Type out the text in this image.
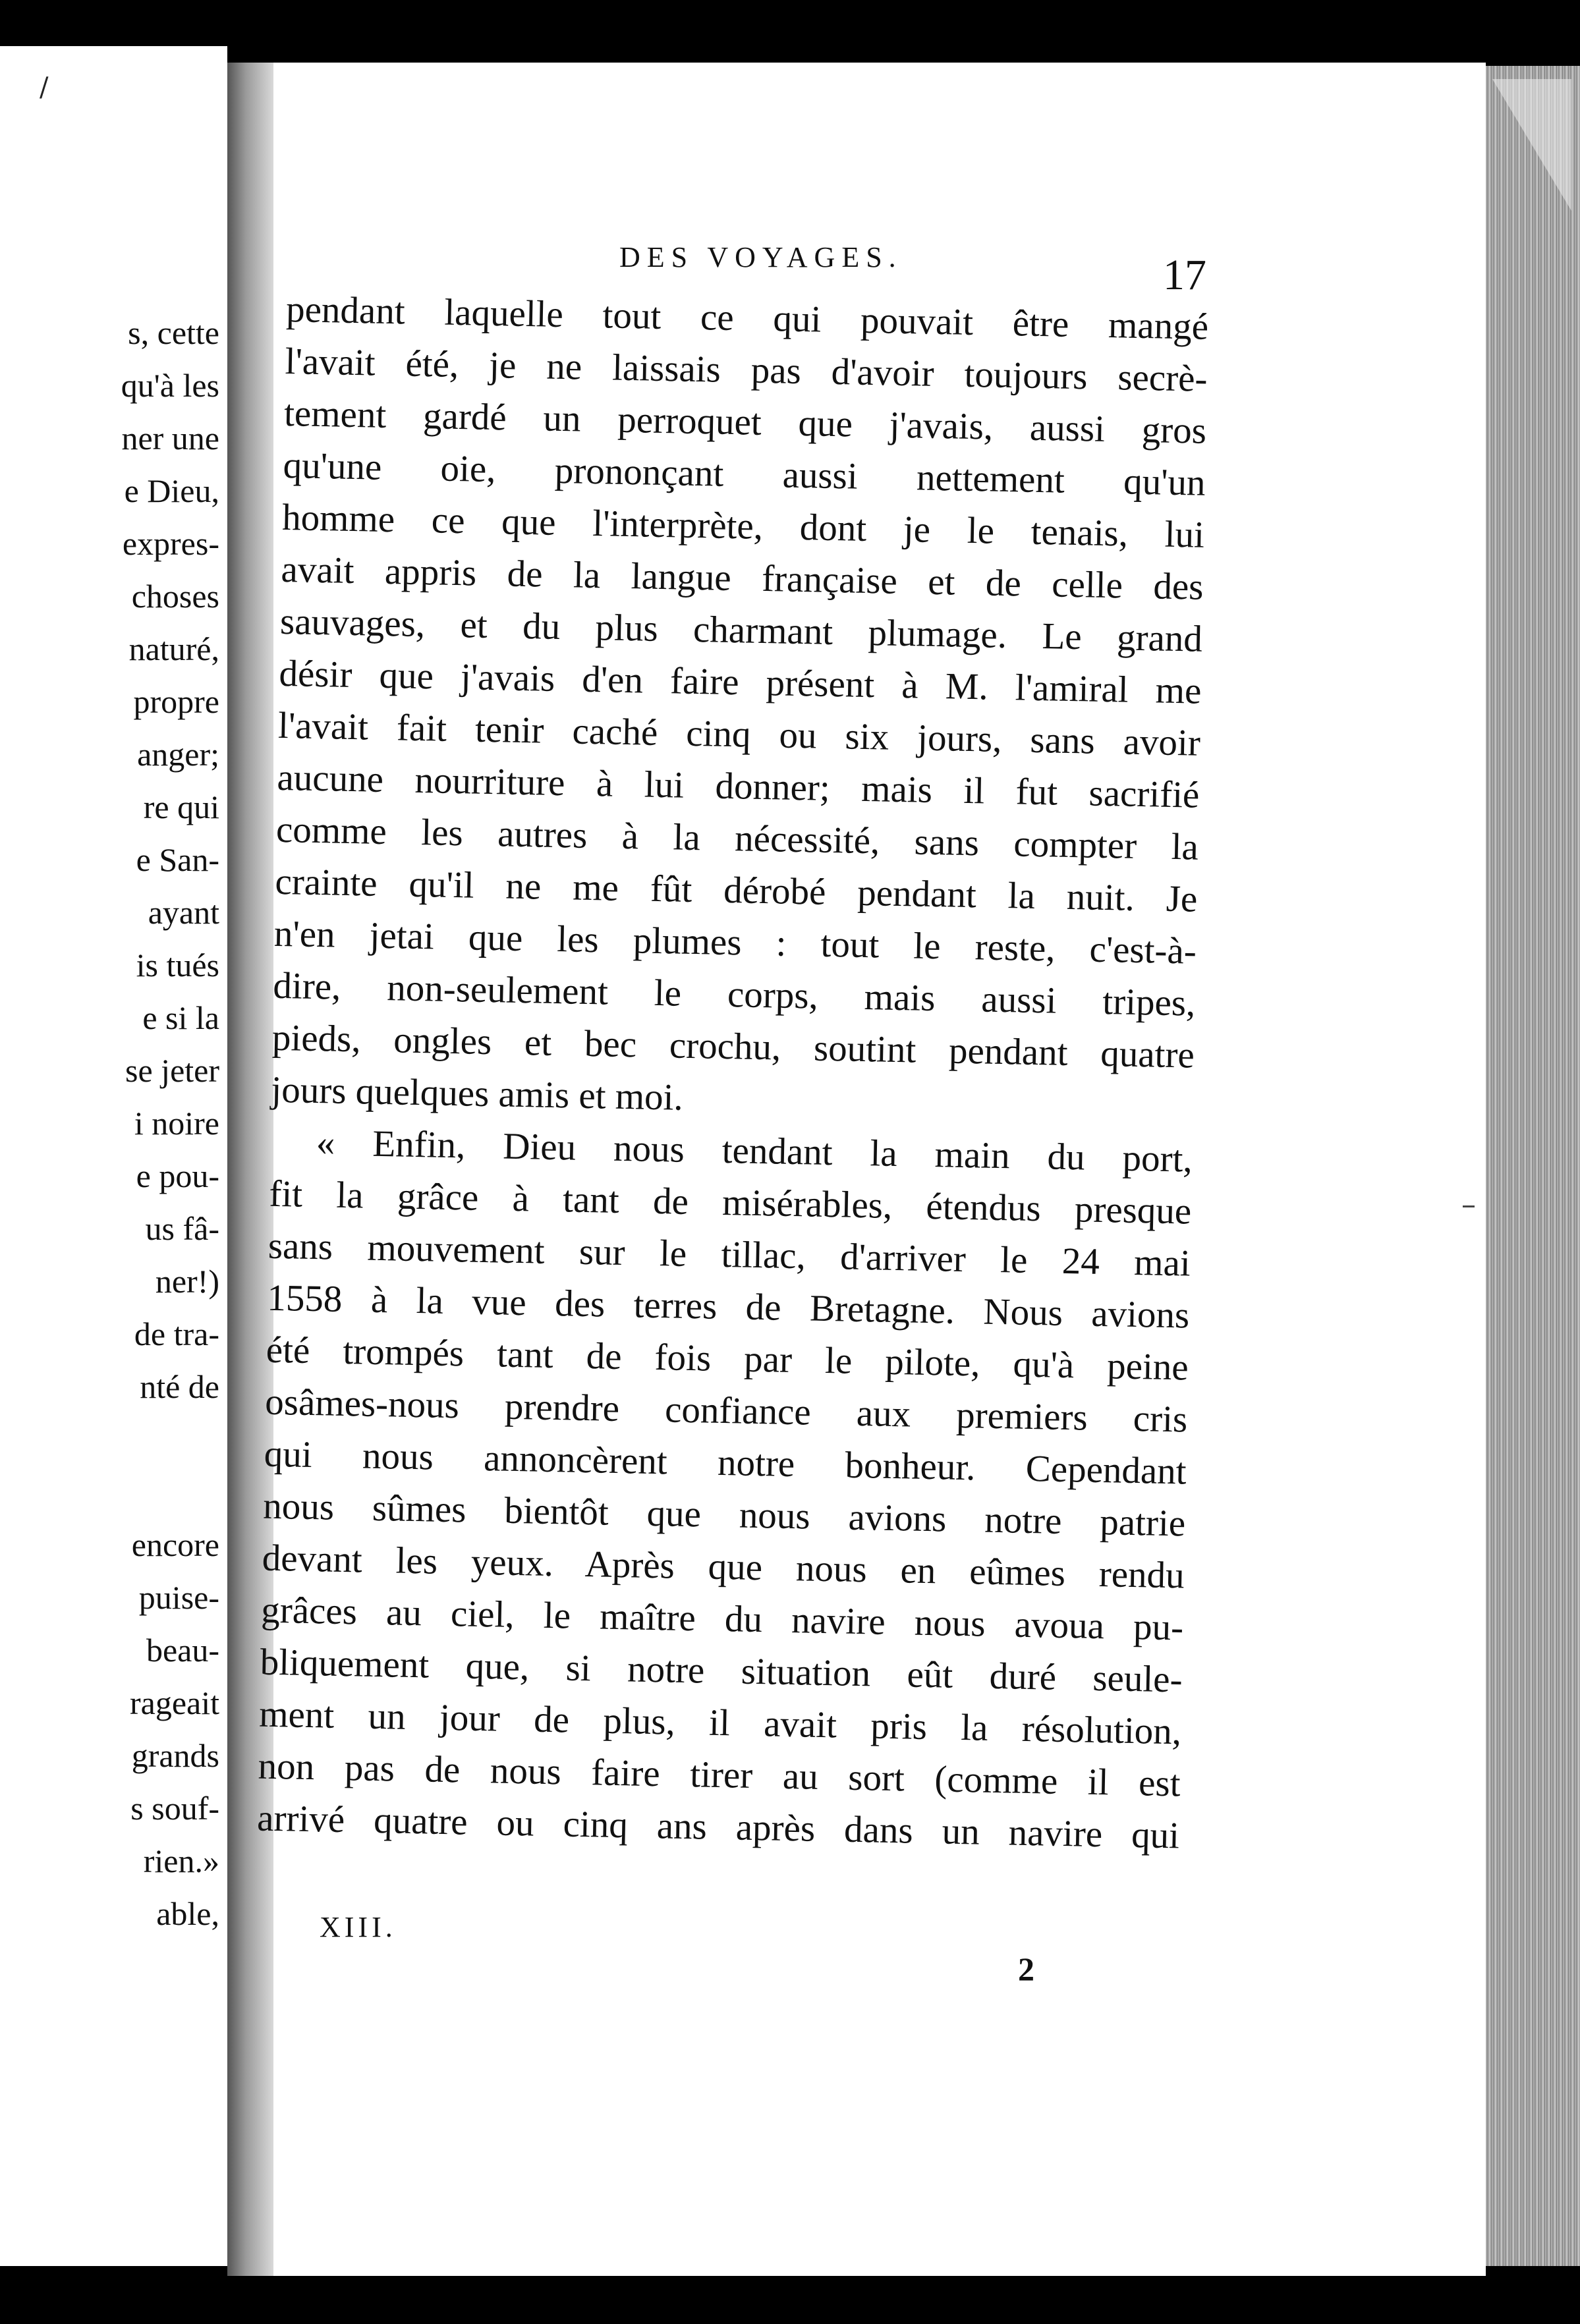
/
s, cette
qu'à les
ner une
e Dieu,
expres-
choses
naturé,
propre
anger;
re qui
e San-
ayant
is tués
e si la
se jeter
i noire
e pou-
us fâ-
ner!)
de tra-
nté de
encore
puise-
beau-
rageait
grands
s souf-
rien.»
able,
DES VOYAGES.	17
pendant laquelle tout ce qui pouvait être mangé
l'avait été, je ne laissais pas d'avoir toujours secrè-
tement gardé un perroquet que j'avais, aussi gros
qu'une oie, prononçant aussi nettement qu'un
homme ce que l'interprète, dont je le tenais, lui
avait appris de la langue française et de celle des
sauvages, et du plus charmant plumage. Le grand
désir que j'avais d'en faire présent à M. l'amiral me
l'avait fait tenir caché cinq ou six jours, sans avoir
aucune nourriture à lui donner; mais il fut sacrifié
comme les autres à la nécessité, sans compter la
crainte qu'il ne me fût dérobé pendant la nuit. Je
n'en jetai que les plumes : tout le reste, c'est-à-
dire, non-seulement le corps, mais aussi tripes,
pieds, ongles et bec crochu, soutint pendant quatre
jours quelques amis et moi.
« Enfin, Dieu nous tendant la main du port,
fit la grâce à tant de misérables, étendus presque
sans mouvement sur le tillac, d'arriver le 24 mai
1558 à la vue des terres de Bretagne. Nous avions
été trompés tant de fois par le pilote, qu'à peine
osâmes-nous prendre confiance aux premiers cris
qui nous annoncèrent notre bonheur. Cependant
nous sûmes bientôt que nous avions notre patrie
devant les yeux. Après que nous en eûmes rendu
grâces au ciel, le maître du navire nous avoua pu-
bliquement que, si notre situation eût duré seule-
ment un jour de plus, il avait pris la résolution,
non pas de nous faire tirer au sort (comme il est
arrivé quatre ou cinq ans après dans un navire qui
XIII.
2
